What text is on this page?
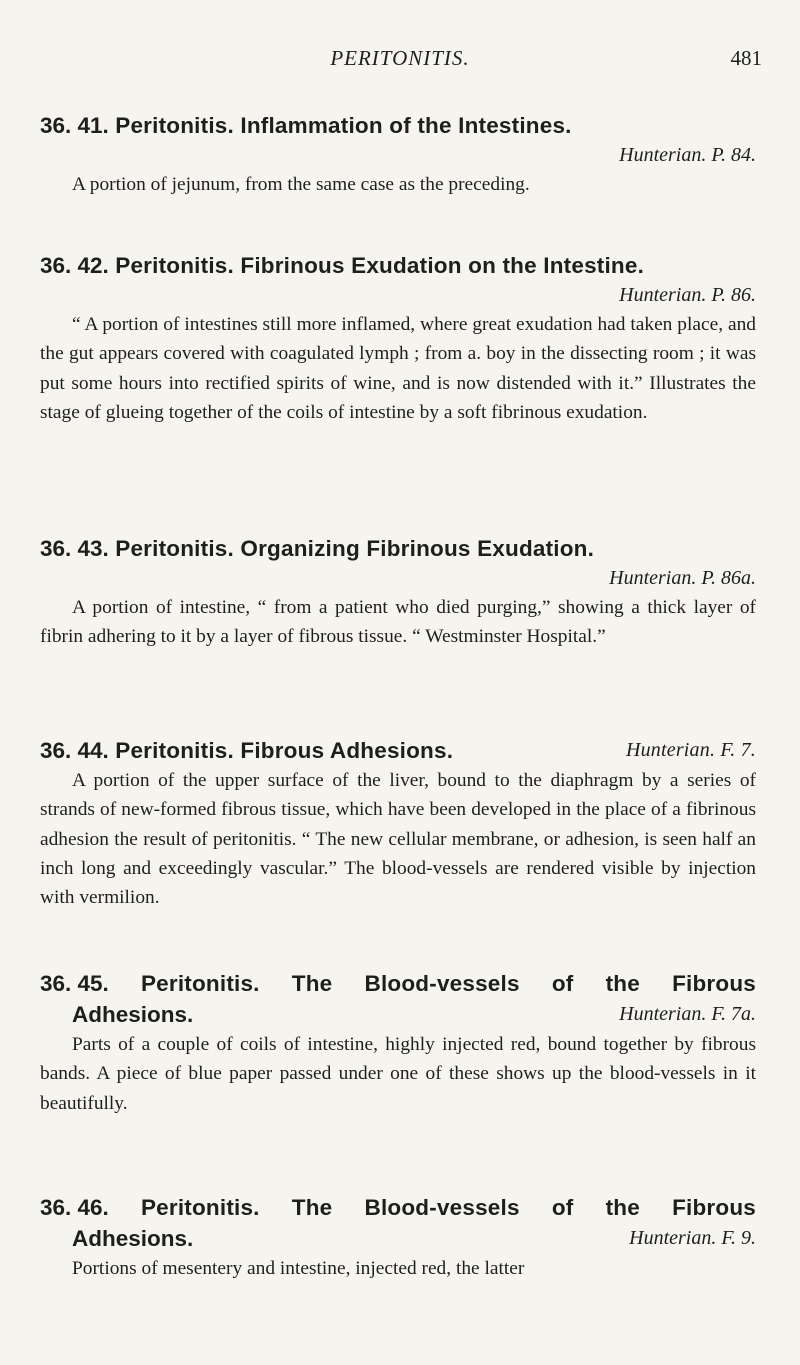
PERITONITIS.	481
36. 41. Peritonitis. Inflammation of the Intestines.
Hunterian. P. 84.

A portion of jejunum, from the same case as the preceding.

36. 42. Peritonitis. Fibrinous Exudation on the Intestine.
Hunterian. P. 86.

“ A portion of intestines still more inflamed, where great exudation had taken place, and the gut appears covered with coagulated lymph ; from a. boy in the dissecting room ; it was put some hours into rectified spirits of wine, and is now distended with it.” Illustrates the stage of glueing together of the coils of intestine by a soft fibrinous exudation.

36. 43. Peritonitis. Organizing Fibrinous Exudation.
Hunterian. P. 86a.

A portion of intestine, “ from a patient who died purging,” showing a thick layer of fibrin adhering to it by a layer of fibrous tissue. “ Westminster Hospital.”

36. 44. Peritonitis. Fibrous Adhesions.	Hunterian. F. 7.

A portion of the upper surface of the liver, bound to the diaphragm by a series of strands of new-formed fibrous tissue, which have been developed in the place of a fibrinous adhesion the result of peritonitis. “ The new cellular membrane, or adhesion, is seen half an inch long and exceedingly vascular.” The blood-vessels are rendered visible by injection with vermilion.

36. 45. Peritonitis. The Blood-vessels of the Fibrous
Adhesions.	Hunterian. F. 7a.

Parts of a couple of coils of intestine, highly injected red, bound together by fibrous bands. A piece of blue paper passed under one of these shows up the blood-vessels in it beautifully.

36. 46. Peritonitis. The Blood-vessels of the Fibrous
Adhesions.	Hunterian. F. 9.

Portions of mesentery and intestine, injected red, the latter
